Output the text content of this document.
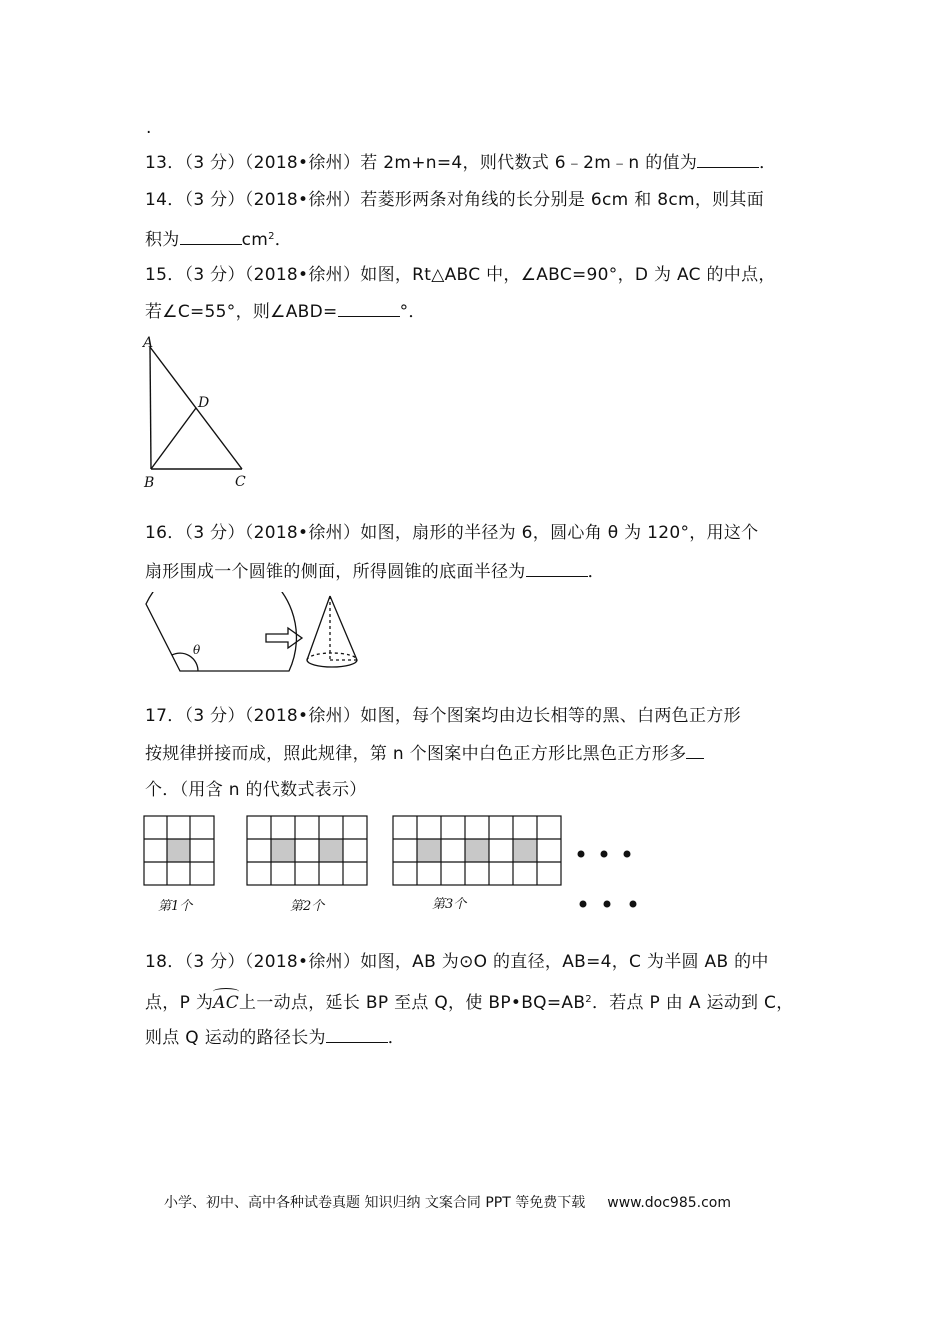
.
13．（3 分）（2018•徐州）若 2m+n=4，则代数式 6﹣2m﹣n 的值为	．
14．（3 分）（2018•徐州）若菱形两条对角线的长分别是 6cm 和 8cm，则其面
积为	$cm^2$．
15．（3 分）（2018•徐州）如图，Rt△ABC 中，∠ABC=90°，D 为 AC 的中点，
若∠C=55°，则∠ABD=	°．
A
D
B	C
16．（3 分）（2018•徐州）如图，扇形的半径为 6，圆心角 θ 为 120°，用这个
扇形围成一个圆锥的侧面，所得圆锥的底面半径为	．
θ
17．（3 分）（2018•徐州）如图，每个图案均由边长相等的黑、白两色正方形
按规律拼接而成，照此规律，第 n 个图案中白色正方形比黑色正方形多
个．（用含 n 的代数式表示）
第1个	第2个	第3个
18．（3 分）（2018•徐州）如图，AB 为⊙O 的直径，AB=4，C 为半圆 AB 的中
点，P 为AC上一动点，延长 BP 至点 Q，使 $BP•BQ=AB^2$．若点 P 由 A 运动到 C，
则点 Q 运动的路径长为	．
小学、初中、高中各种试卷真题 知识归纳 文案合同 PPT 等免费下载 www.doc985.com
